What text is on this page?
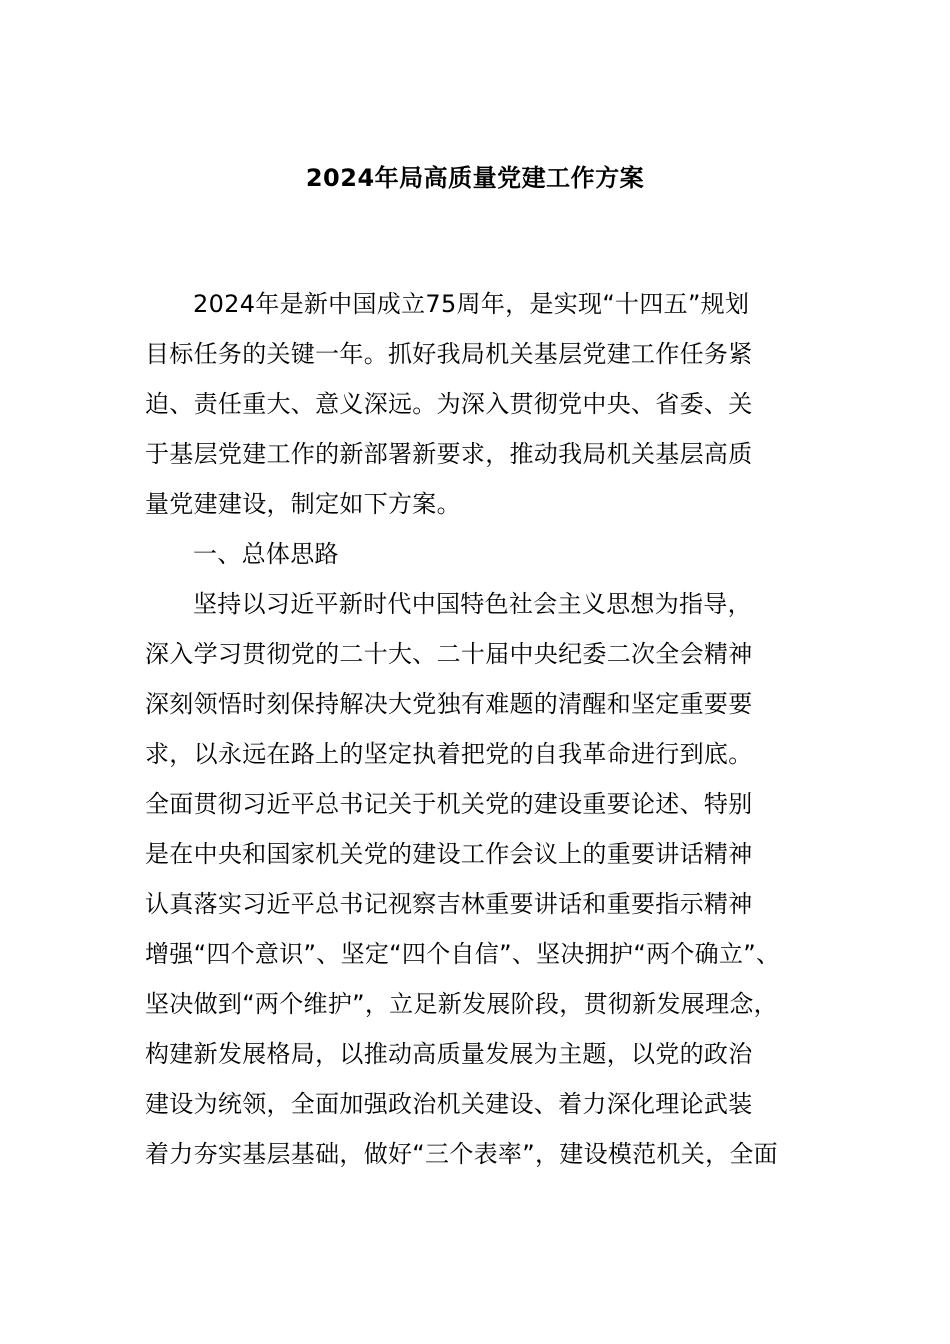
2024年局高质量党建工作方案

2024年是新中国成立75周年，是实现“十四五”规划
目标任务的关键一年。抓好我局机关基层党建工作任务紧
迫、责任重大、意义深远。为深入贯彻党中央、省委、关
于基层党建工作的新部署新要求，推动我局机关基层高质
量党建建设，制定如下方案。

一、总体思路

坚持以习近平新时代中国特色社会主义思想为指导，
深入学习贯彻党的二十大、二十届中央纪委二次全会精神
深刻领悟时刻保持解决大党独有难题的清醒和坚定重要要
求，以永远在路上的坚定执着把党的自我革命进行到底。
全面贯彻习近平总书记关于机关党的建设重要论述、特别
是在中央和国家机关党的建设工作会议上的重要讲话精神
认真落实习近平总书记视察吉林重要讲话和重要指示精神
增强“四个意识”、坚定“四个自信”、坚决拥护“两个确立”、
坚决做到“两个维护”，立足新发展阶段，贯彻新发展理念，
构建新发展格局，以推动高质量发展为主题，以党的政治
建设为统领，全面加强政治机关建设、着力深化理论武装
着力夯实基层基础，做好“三个表率”，建设模范机关，全面
